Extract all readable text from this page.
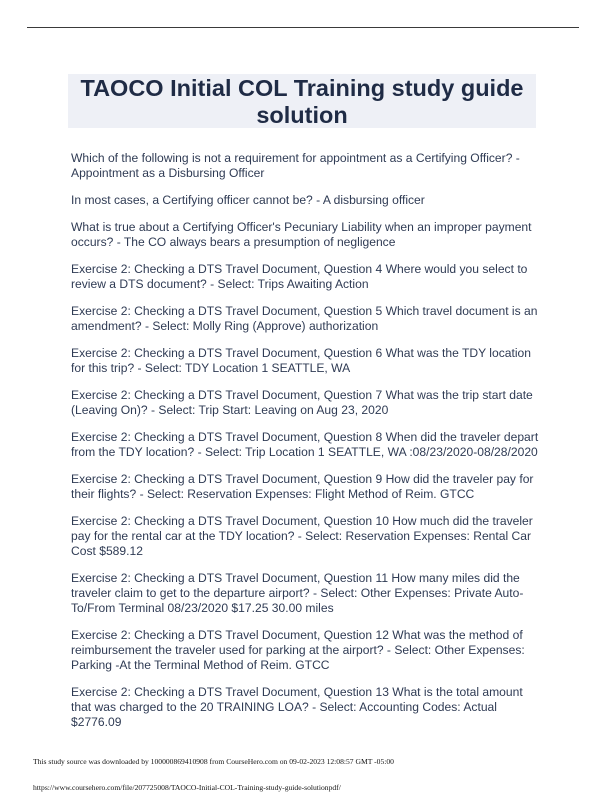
TAOCO Initial COL Training study guide
solution

Which of the following is not a requirement for appointment as a Certifying Officer? -
Appointment as a Disbursing Officer

In most cases, a Certifying officer cannot be? - A disbursing officer

What is true about a Certifying Officer's Pecuniary Liability when an improper payment
occurs? - The CO always bears a presumption of negligence

Exercise 2: Checking a DTS Travel Document, Question 4 Where would you select to
review a DTS document? - Select: Trips Awaiting Action

Exercise 2: Checking a DTS Travel Document, Question 5 Which travel document is an
amendment? - Select: Molly Ring (Approve) authorization

Exercise 2: Checking a DTS Travel Document, Question 6 What was the TDY location
for this trip? - Select: TDY Location 1 SEATTLE, WA

Exercise 2: Checking a DTS Travel Document, Question 7 What was the trip start date
(Leaving On)? - Select: Trip Start: Leaving on Aug 23, 2020

Exercise 2: Checking a DTS Travel Document, Question 8 When did the traveler depart
from the TDY location? - Select: Trip Location 1 SEATTLE, WA :08/23/2020-08/28/2020

Exercise 2: Checking a DTS Travel Document, Question 9 How did the traveler pay for
their flights? - Select: Reservation Expenses: Flight Method of Reim. GTCC

Exercise 2: Checking a DTS Travel Document, Question 10 How much did the traveler
pay for the rental car at the TDY location? - Select: Reservation Expenses: Rental Car
Cost $589.12

Exercise 2: Checking a DTS Travel Document, Question 11 How many miles did the
traveler claim to get to the departure airport? - Select: Other Expenses: Private Auto-
To/From Terminal 08/23/2020 $17.25 30.00 miles

Exercise 2: Checking a DTS Travel Document, Question 12 What was the method of
reimbursement the traveler used for parking at the airport? - Select: Other Expenses:
Parking -At the Terminal Method of Reim. GTCC

Exercise 2: Checking a DTS Travel Document, Question 13 What is the total amount
that was charged to the 20 TRAINING LOA? - Select: Accounting Codes: Actual
$2776.09

This study source was downloaded by 100000869410908 from CourseHero.com on 09-02-2023 12:08:57 GMT -05:00
https://www.coursehero.com/file/207725008/TAOCO-Initial-COL-Training-study-guide-solutionpdf/
